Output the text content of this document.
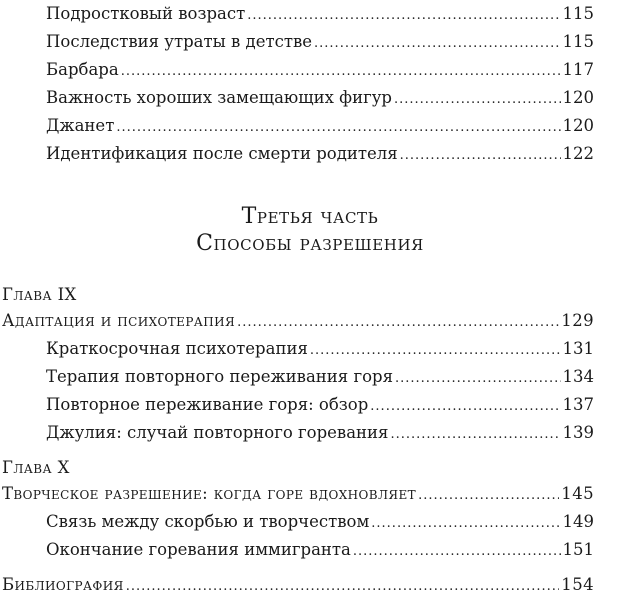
Подростковый возраст .....	115
Последствия утраты в детстве .....	115
Барбара .....	117
Важность хороших замещающих фигур .....	120
Джанет .....	120
Идентификация после смерти родителя .....	122
Третья часть
Способы разрешения
Глава IX
Адаптация и психотерапия .....	129
Краткосрочная психотерапия .....	131
Терапия повторного переживания горя .....	134
Повторное переживание горя: обзор .....	137
Джулия: случай повторного горевания .....	139
Глава X
Творческое разрешение: когда горе вдохновляет .....	145
Связь между скорбью и творчеством .....	149
Окончание горевания иммигранта .....	151
Библиография .....	154
